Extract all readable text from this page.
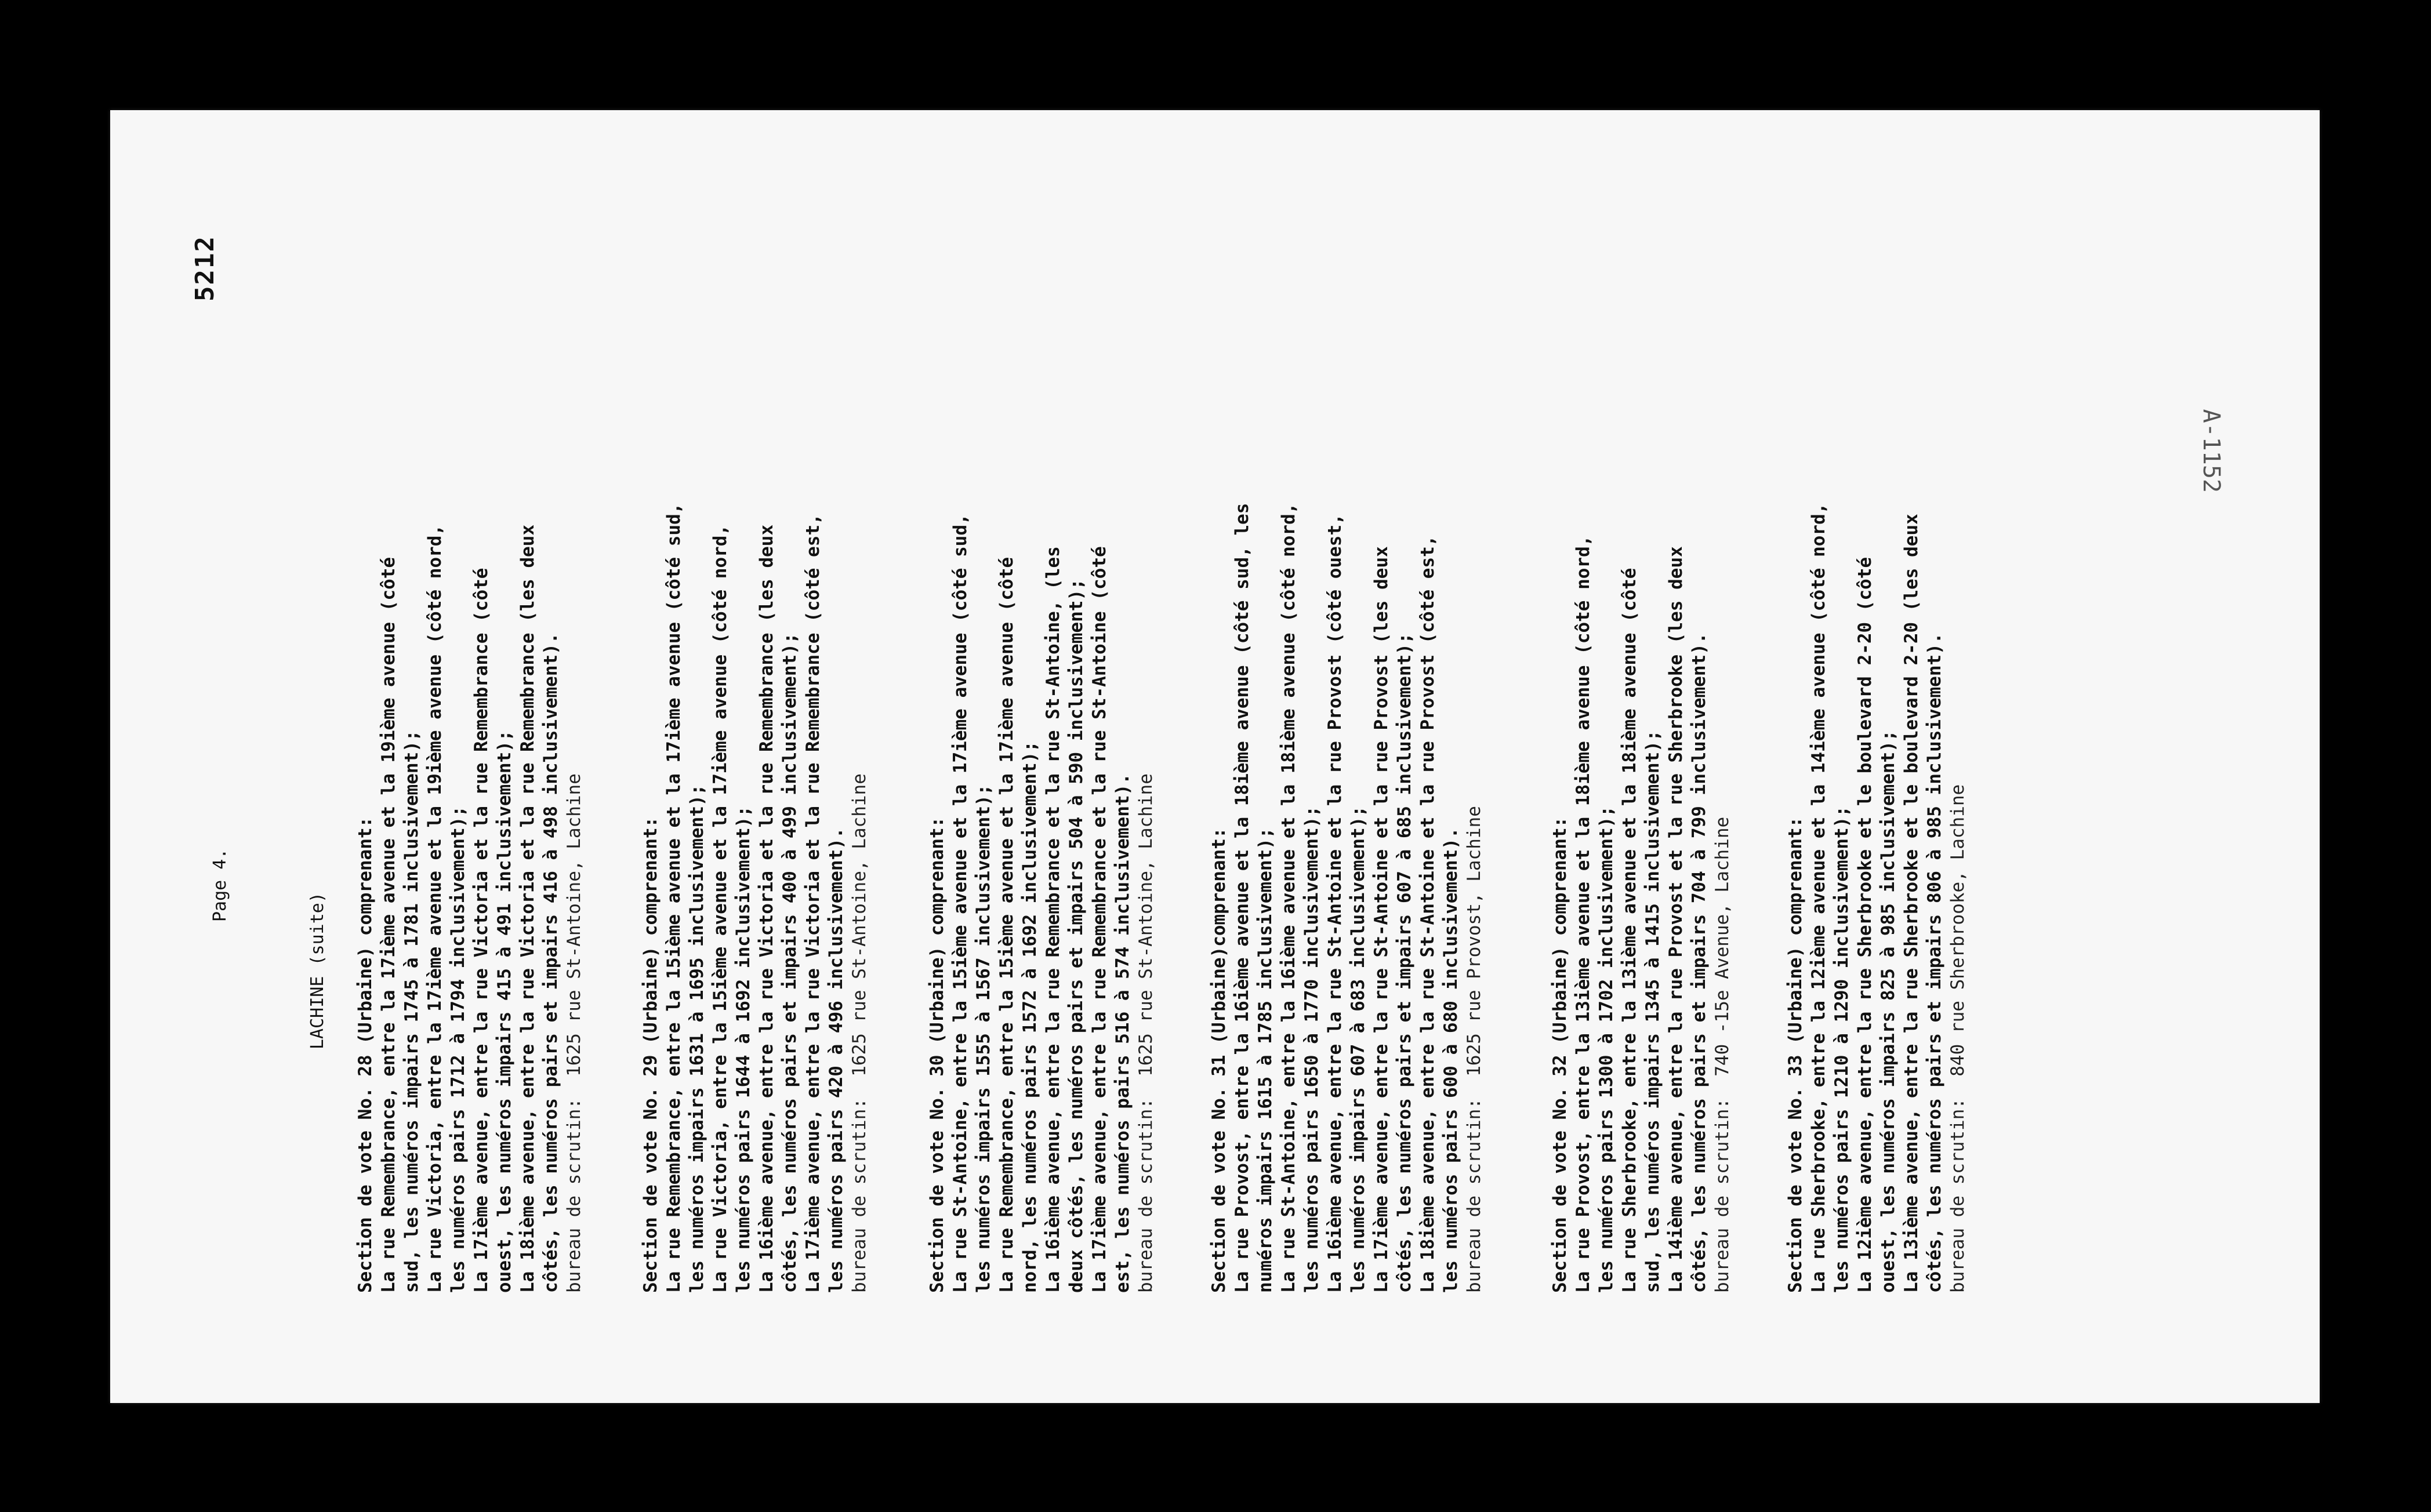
5212
Page 4.
LACHINE (suite)
A-1152
Section de vote No. 28 (Urbaine) comprenant: La rue Remembrance, entre la 17ième avenue et la 19ième avenue (côté sud, les numéros impairs 1745 à 1781 inclusivement); La rue Victoria, entre la 17ième avenue et la 19ième avenue (côté nord, les numéros pairs 1712 à 1794 inclusivement); La 17ième avenue, entre la rue Victoria et la rue Remembrance (côté ouest, les numéros impairs 415 à 491 inclusivement); La 18ième avenue, entre la rue Victoria et la rue Remembrance (les deux côtés, les numéros pairs et impairs 416 à 498 inclusivement). bureau de scrutin:  1625 rue St-Antoine, Lachine	Section de vote No. 29 (Urbaine) comprenant: La rue Remembrance, entre la 15ième avenue et la 17ième avenue (côté sud, les numéros impairs 1631 à 1695 inclusivement); La rue Victoria, entre la 15ième avenue et la 17ième avenue (côté nord, les numéros pairs 1644 à 1692 inclusivement); La 16ième avenue, entre la rue Victoria et la rue Remembrance (les deux côtés, les numéros pairs et impairs 400 à 499 inclusivement); La 17ième avenue, entre la rue Victoria et la rue Remembrance (côté est, les numéros pairs 420 à 496 inclusivement). bureau de scrutin:  1625 rue St-Antoine, Lachine	Section de vote No. 30 (Urbaine) comprenant: La rue St-Antoine, entre la 15ième avenue et la 17ième avenue (côté sud, les numéros impairs 1555 à 1567 inclusivement); La rue Remembrance, entre la 15ième avenue et la 17ième avenue (côté nord, les numéros pairs 1572 à 1692 inclusivement); La 16ième avenue, entre la rue Remembrance et la rue St-Antoine, (les deux côtés, les numéros pairs et impairs 504 à 590 inclusivement); La 17ième avenue, entre la rue Remembrance et la rue St-Antoine (côté est, les numéros pairs 516 à 574 inclusivement). bureau de scrutin:  1625 rue St-Antoine, Lachine	Section de vote No. 31 (Urbaine)comprenant: La rue Provost, entre la 16ième avenue et la 18ième avenue (côté sud, les numéros impairs 1615 à 1785 inclusivement); La rue St-Antoine, entre la 16ième avenue et la 18ième avenue (côté nord, les numéros pairs 1650 à 1770 inclusivement); La 16ième avenue, entre la rue St-Antoine et la rue Provost (côté ouest, les numéros impairs 607 à 683 inclusivement); La 17ième avenue, entre la rue St-Antoine et la rue Provost (les deux côtés, les numéros pairs et impairs 607 à 685 inclusivement); La 18ième avenue, entre la rue St-Antoine et la rue Provost (côté est, les numéros pairs 600 à 680 inclusivement). bureau de scrutin:  1625 rue Provost, Lachine	Section de vote No. 32 (Urbaine) comprenant: La rue Provost, entre la 13ième avenue et la 18ième avenue (côté nord, les numéros pairs 1300 à 1702 inclusivement); La rue Sherbrooke, entre la 13ième avenue et la 18ième avenue (côté sud, les numéros impairs 1345 à 1415 inclusivement); La 14ième avenue, entre la rue Provost et la rue Sherbrooke (les deux côtés, les numéros pairs et impairs 704 à 799 inclusivement). bureau de scrutin:  740 -15e Avenue, Lachine	Section de vote No. 33 (Urbaine) comprenant: La rue Sherbrooke, entre la 12ième avenue et la 14ième avenue (côté nord, les numéros pairs 1210 à 1290 inclusivement); La 12ième avenue, entre la rue Sherbrooke et le boulevard 2-20 (côté ouest, les numéros impairs 825 à 985 inclusivement); La 13ième avenue, entre la rue Sherbrooke et le boulevard 2-20 (les deux côtés, les numéros pairs et impairs 806 à 985 inclusivement). bureau de scrutin:  840 rue Sherbrooke, Lachine
